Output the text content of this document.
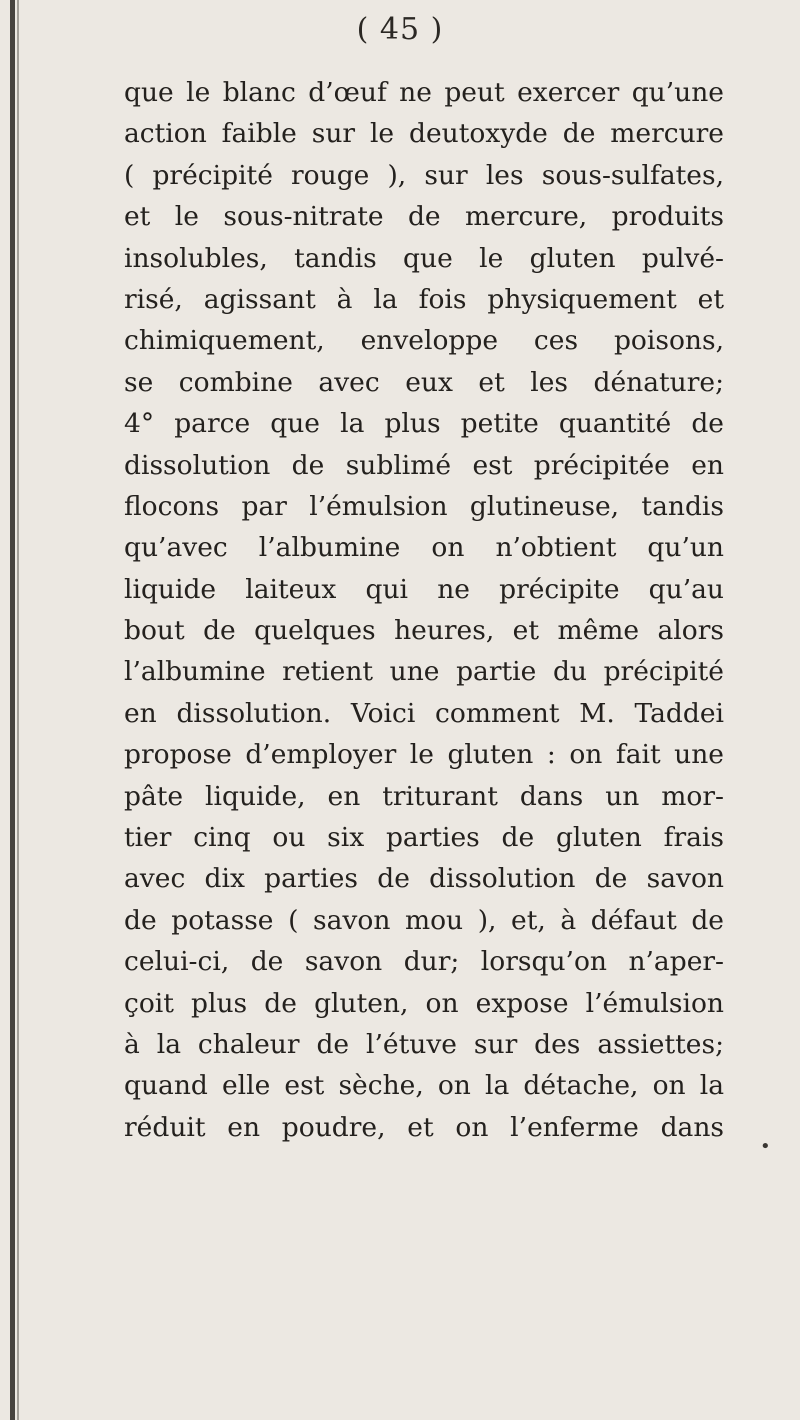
( 45 )
que le blanc d’œuf ne peut exercer qu’une
action faible sur le deutoxyde de mercure
( précipité rouge ), sur les sous-sulfates,
et le sous-nitrate de mercure, produits
insolubles, tandis que le gluten pulvé-
risé, agissant à la fois physiquement et
chimiquement, enveloppe ces poisons,
se combine avec eux et les dénature;
4° parce que la plus petite quantité de
dissolution de sublimé est précipitée en
flocons par l’émulsion glutineuse, tandis
qu’avec l’albumine on n’obtient qu’un
liquide laiteux qui ne précipite qu’au
bout de quelques heures, et même alors
l’albumine retient une partie du précipité
en dissolution. Voici comment M. Taddei
propose d’employer le gluten : on fait une
pâte liquide, en triturant dans un mor-
tier cinq ou six parties de gluten frais
avec dix parties de dissolution de savon
de potasse ( savon mou ), et, à défaut de
celui-ci, de savon dur; lorsqu’on n’aper-
çoit plus de gluten, on expose l’émulsion
à la chaleur de l’étuve sur des assiettes;
quand elle est sèche, on la détache, on la
réduit en poudre, et on l’enferme dans
•
